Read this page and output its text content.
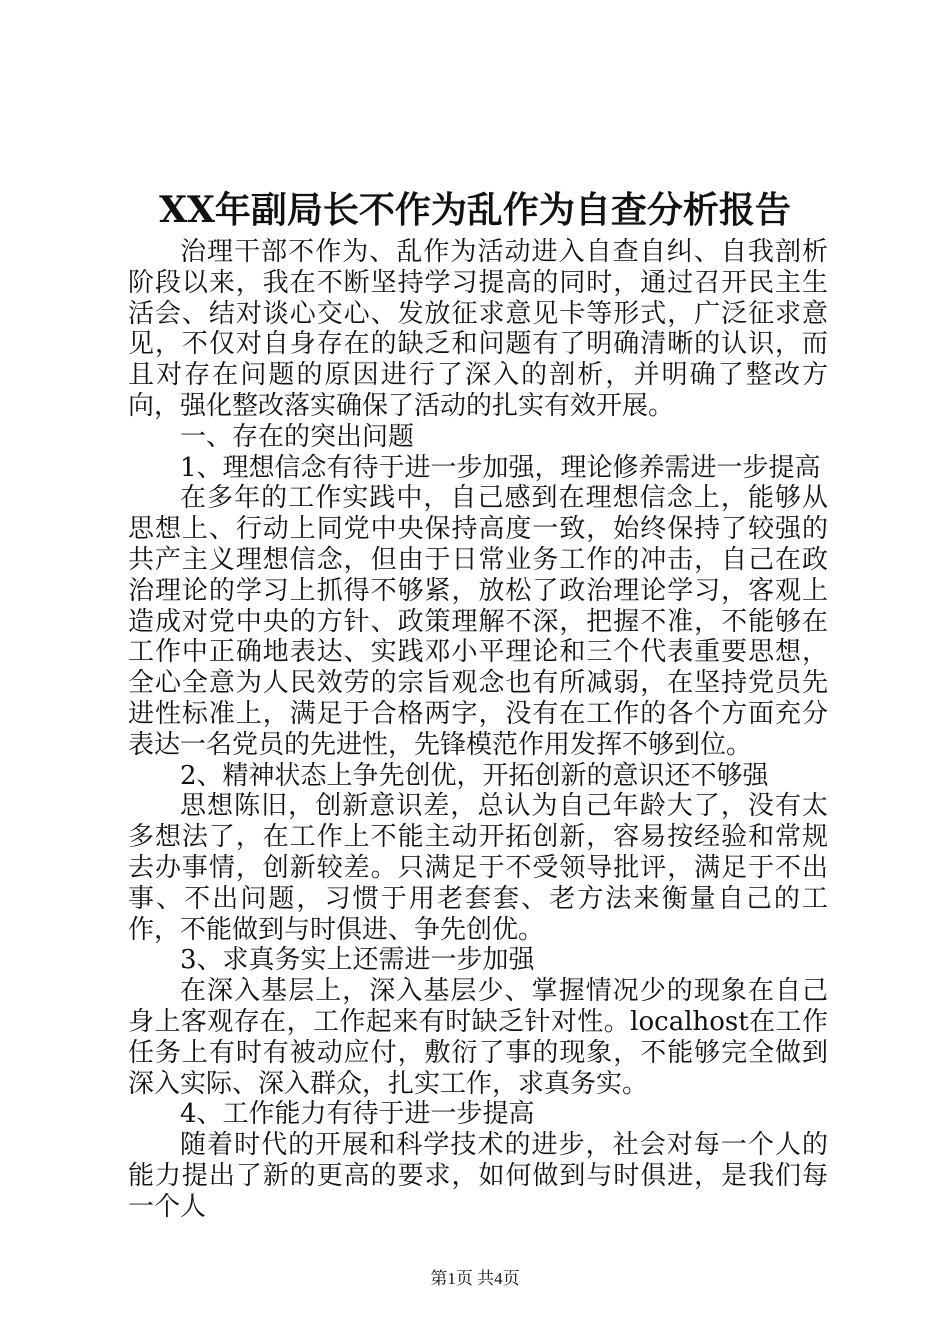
XX年副局长不作为乱作为自查分析报告

治理干部不作为、乱作为活动进入自查自纠、自我剖析阶段以来，我在不断坚持学习提高的同时，通过召开民主生活会、结对谈心交心、发放征求意见卡等形式，广泛征求意见，不仅对自身存在的缺乏和问题有了明确清晰的认识，而且对存在问题的原因进行了深入的剖析，并明确了整改方向，强化整改落实确保了活动的扎实有效开展。

一、存在的突出问题

1、理想信念有待于进一步加强，理论修养需进一步提高

在多年的工作实践中，自己感到在理想信念上，能够从思想上、行动上同党中央保持高度一致，始终保持了较强的共产主义理想信念，但由于日常业务工作的冲击，自己在政治理论的学习上抓得不够紧，放松了政治理论学习，客观上造成对党中央的方针、政策理解不深，把握不准，不能够在工作中正确地表达、实践邓小平理论和三个代表重要思想，全心全意为人民效劳的宗旨观念也有所减弱，在坚持党员先进性标准上，满足于合格两字，没有在工作的各个方面充分表达一名党员的先进性，先锋模范作用发挥不够到位。

2、精神状态上争先创优，开拓创新的意识还不够强

思想陈旧，创新意识差，总认为自己年龄大了，没有太多想法了，在工作上不能主动开拓创新，容易按经验和常规去办事情，创新较差。只满足于不受领导批评，满足于不出事、不出问题，习惯于用老套套、老方法来衡量自己的工作，不能做到与时俱进、争先创优。

3、求真务实上还需进一步加强

在深入基层上，深入基层少、掌握情况少的现象在自己身上客观存在，工作起来有时缺乏针对性。localhost在工作任务上有时有被动应付，敷衍了事的现象，不能够完全做到深入实际、深入群众，扎实工作，求真务实。

4、工作能力有待于进一步提高

随着时代的开展和科学技术的进步，社会对每一个人的能力提出了新的更高的要求，如何做到与时俱进，是我们每一个人

第1页 共4页
